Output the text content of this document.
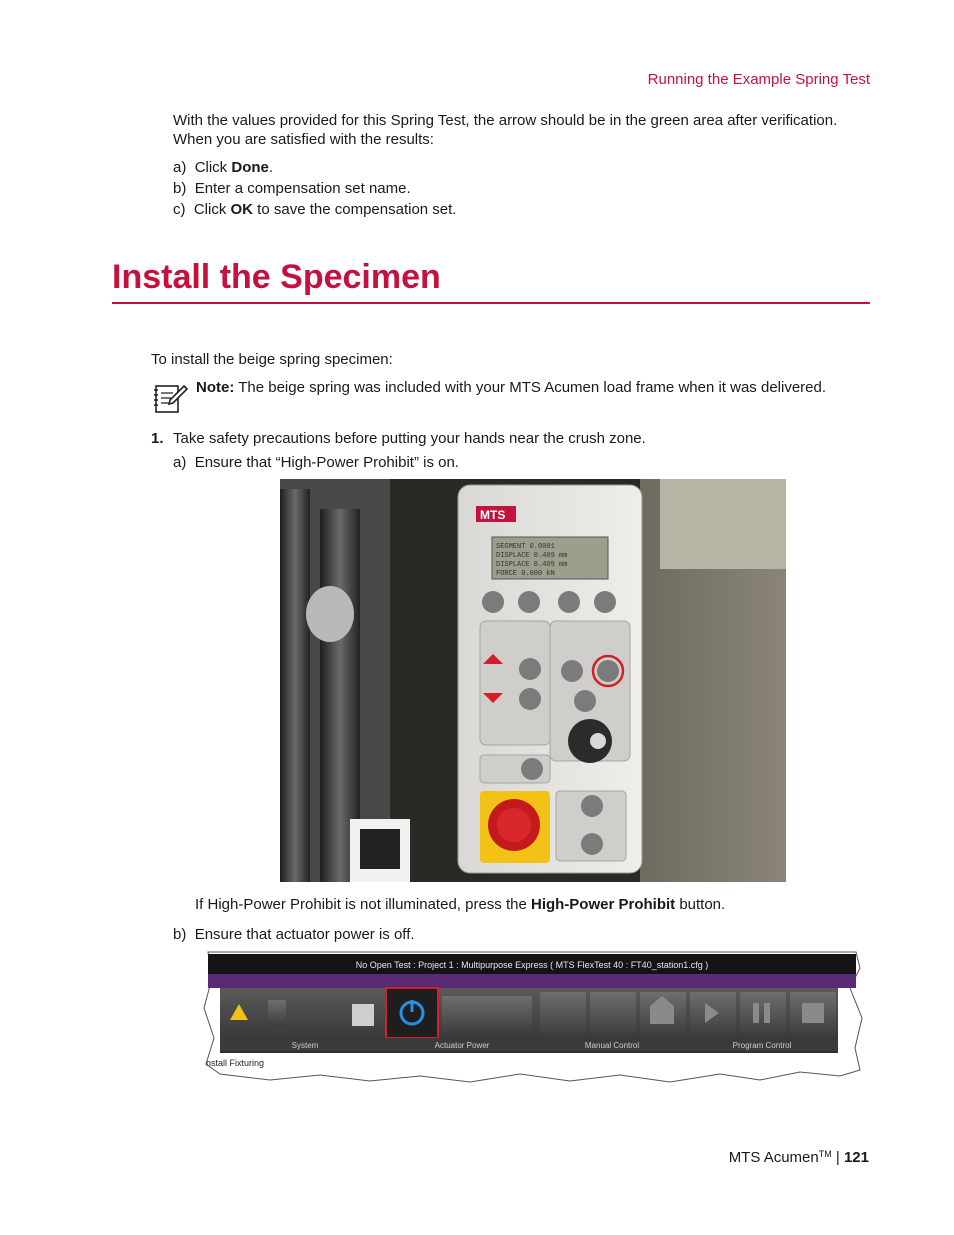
Running the Example Spring Test
With the values provided for this Spring Test, the arrow should be in the green area after verification.
When you are satisfied with the results:
a) Click Done.
b) Enter a compensation set name.
c) Click OK to save the compensation set.
Install the Specimen
To install the beige spring specimen:
Note: The beige spring was included with your MTS Acumen load frame when it was delivered.
1. Take safety precautions before putting your hands near the crush zone.
a) Ensure that “High-Power Prohibit” is on.
MTS
SEGMENT 0.0001
DISPLACE 0.409 mm
DISPLACE 0.409 mm
FORCE 0.000 kN
If High-Power Prohibit is not illuminated, press the High-Power Prohibit button.
b) Ensure that actuator power is off.
No Open Test : Project 1 : Multipurpose Express ( MTS FlexTest 40 : FT40_station1.cfg )
System	Actuator Power	Manual Control	Program Control
nstall Fixturing
MTS Acumen™ | 121
